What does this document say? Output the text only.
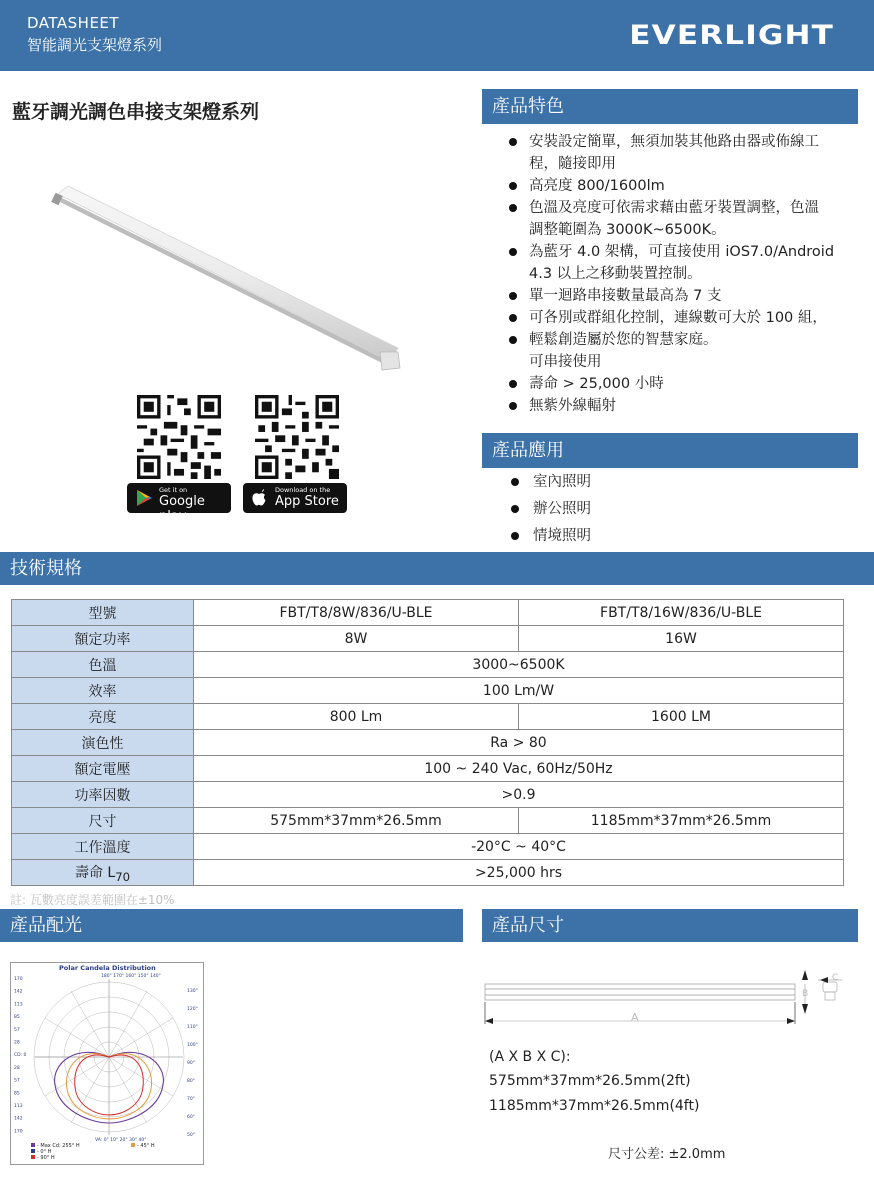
DATASHEET
智能調光支架燈系列	EVERLIGHT
藍牙調光調色串接支架燈系列
Get it on
Google play
Download on the
App Store
產品特色
安裝設定簡單，無須加裝其他路由器或佈線工
程，隨接即用
高亮度 800/1600lm
色溫及亮度可依需求藉由藍牙裝置調整，色溫
調整範圍為 3000K~6500K。
為藍牙 4.0 架構，可直接使用 iOS7.0/Android
4.3 以上之移動裝置控制。
單一迴路串接數量最高為 7 支
可各別或群組化控制，連線數可大於 100 組，
輕鬆創造屬於您的智慧家庭。
可串接使用
壽命 > 25,000 小時
無紫外線輻射
產品應用
室內照明
辦公照明
情境照明
技術規格
型號	FBT/T8/8W/836/U-BLE	FBT/T8/16W/836/U-BLE
額定功率	8W	16W
色溫	3000~6500K	
效率	100 Lm/W	
亮度	800 Lm	1600 LM
演色性	Ra > 80	
額定電壓	100 ~ 240 Vac, 60Hz/50Hz	
功率因數	>0.9	
尺寸	575mm*37mm*26.5mm	1185mm*37mm*26.5mm
工作溫度	-20°C ~ 40°C	
壽命 $L_{70}$	>25,000 hrs	
註: 瓦數亮度誤差範圍在±10%
產品配光
Polar Candela Distribution
180° 170° 160° 150° 140°
170
142
113
85
57
28
CD: 0
28
57
85
113
142
170
130°
120°
110°
100°
90°
80°
70°
60°
50°
VA: 0° 10° 20° 30° 40°
- Max Cd: 255° H
- 0° H
- 90° H
- 45° H
產品尺寸
A
B
C
(A X B X C):
575mm*37mm*26.5mm(2ft)
1185mm*37mm*26.5mm(4ft)
尺寸公差: ±2.0mm
